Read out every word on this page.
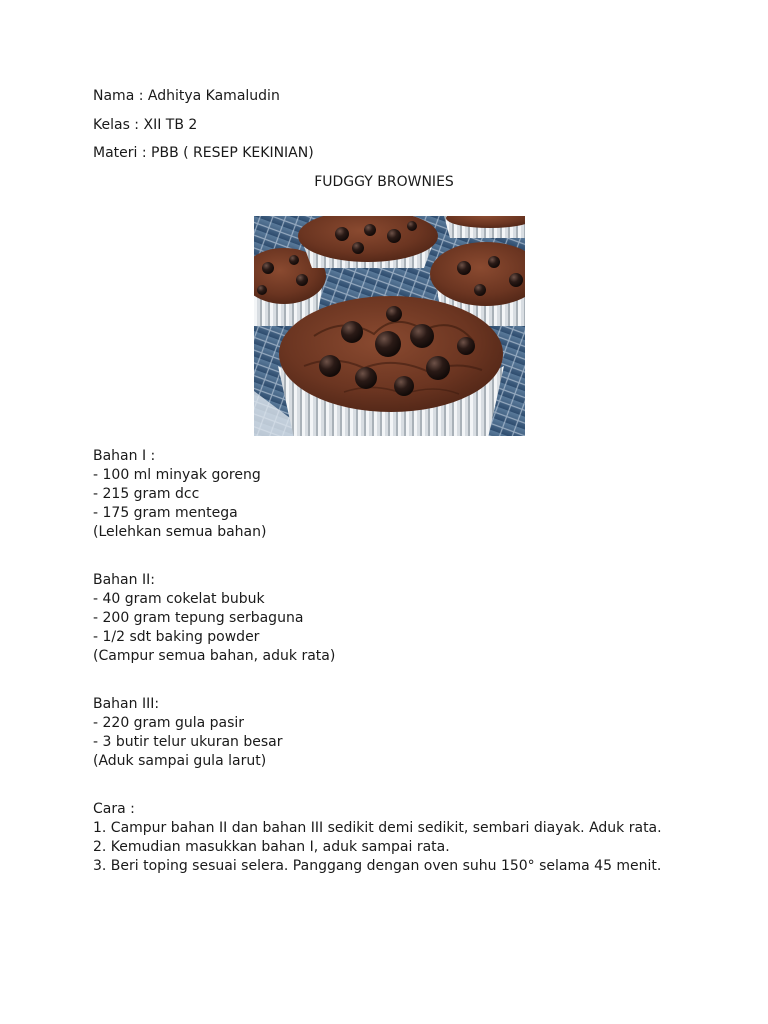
Nama : Adhitya Kamaludin
Kelas : XII TB 2
Materi : PBB ( RESEP KEKINIAN)
FUDGGY BROWNIES
Bahan I :
- 100 ml minyak goreng
- 215 gram dcc
- 175 gram mentega
(Lelehkan semua bahan)
Bahan II:
- 40 gram cokelat bubuk
- 200 gram tepung serbaguna
- 1/2 sdt baking powder
(Campur semua bahan, aduk rata)
Bahan III:
- 220 gram gula pasir
- 3 butir telur ukuran besar
(Aduk sampai gula larut)
Cara :
1. Campur bahan II dan bahan III sedikit demi sedikit, sembari diayak. Aduk rata.
2. Kemudian masukkan bahan I, aduk sampai rata.
3. Beri toping sesuai selera. Panggang dengan oven suhu 150° selama 45 menit.
